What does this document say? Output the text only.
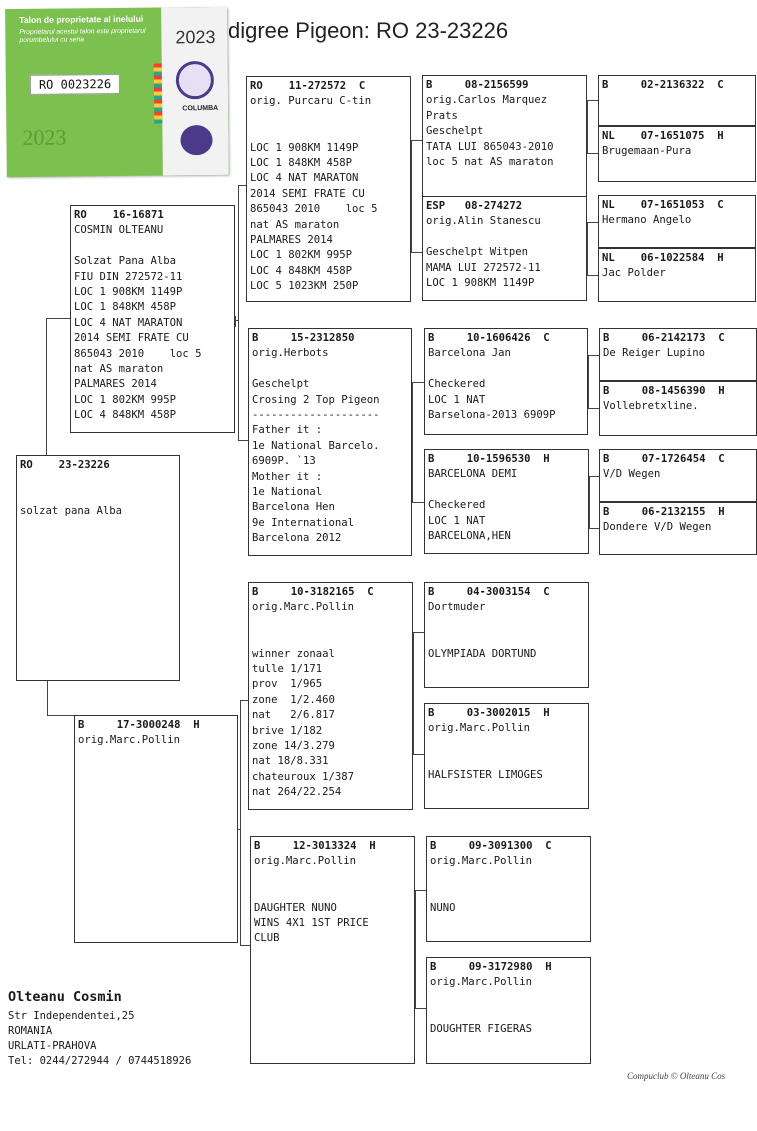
Talon de proprietate al inelului
Proprietarul acestui talon este proprietarul porumbelului cu seria
RO 0023226
2023
2023
COLUMBA
digree Pigeon: RO 23-23226
RO  23-23226
solzat pana Alba
RO  16-16871
COSMIN OLTEANU
Solzat Pana Alba
FIU DIN 272572-11
LOC 1 908KM 1149P
LOC 1 848KM 458P
LOC 4 NAT MARATON
2014 SEMI FRATE CU
865043 2010    loc 5
nat AS maraton
PALMARES 2014
LOC 1 802KM 995P
LOC 4 848KM 458P
B  17-3000248  H
orig.Marc.Pollin
RO  11-272572  C
orig. Purcaru C-tin
LOC 1 908KM 1149P
LOC 1 848KM 458P
LOC 4 NAT MARATON
2014 SEMI FRATE CU
865043 2010    loc 5
nat AS maraton
PALMARES 2014
LOC 1 802KM 995P
LOC 4 848KM 458P
LOC 5 1023KM 250P
B  15-2312850
orig.Herbots
Geschelpt
Crosing 2 Top Pigeon
--------------------
Father it :
1e National Barcelo.
6909P. `13
Mother it :
1e National
Barcelona Hen
9e International
Barcelona 2012
B  10-3182165  C
orig.Marc.Pollin
winner zonaal
tulle 1/171
prov  1/965
zone  1/2.460
nat   2/6.817
brive 1/182
zone 14/3.279
nat 18/8.331
chateuroux 1/387
nat 264/22.254
B  12-3013324  H
orig.Marc.Pollin
DAUGHTER NUNO
WINS 4X1 1ST PRICE
CLUB
B  08-2156599
orig.Carlos Marquez
Prats
Geschelpt
TATA LUI 865043-2010
loc 5 nat AS maraton
ESP  08-274272
orig.Alin Stanescu
Geschelpt Witpen
MAMA LUI 272572-11
LOC 1 908KM 1149P
B  10-1606426  C
Barcelona Jan
Checkered
LOC 1 NAT
Barselona-2013 6909P
B  10-1596530  H
BARCELONA DEMI
Checkered
LOC 1 NAT
BARCELONA,HEN
B  04-3003154  C
Dortmuder
OLYMPIADA DORTUND
B  03-3002015  H
orig.Marc.Pollin
HALFSISTER LIMOGES
B  09-3091300  C
orig.Marc.Pollin
NUNO
B  09-3172980  H
orig.Marc.Pollin
DOUGHTER FIGERAS
B  02-2136322  C
NL  07-1651075  H
Brugemaan-Pura
NL  07-1651053  C
Hermano Angelo
NL  06-1022584  H
Jac Polder
B  06-2142173  C
De Reiger Lupino
B  08-1456390  H
Vollebretxline.
B  07-1726454  C
V/D Wegen
B  06-2132155  H
Dondere V/D Wegen
Olteanu Cosmin
Str Independentei,25
ROMANIA
URLATI-PRAHOVA
Tel: 0244/272944 / 0744518926
Compuclub © Olteanu Cos
